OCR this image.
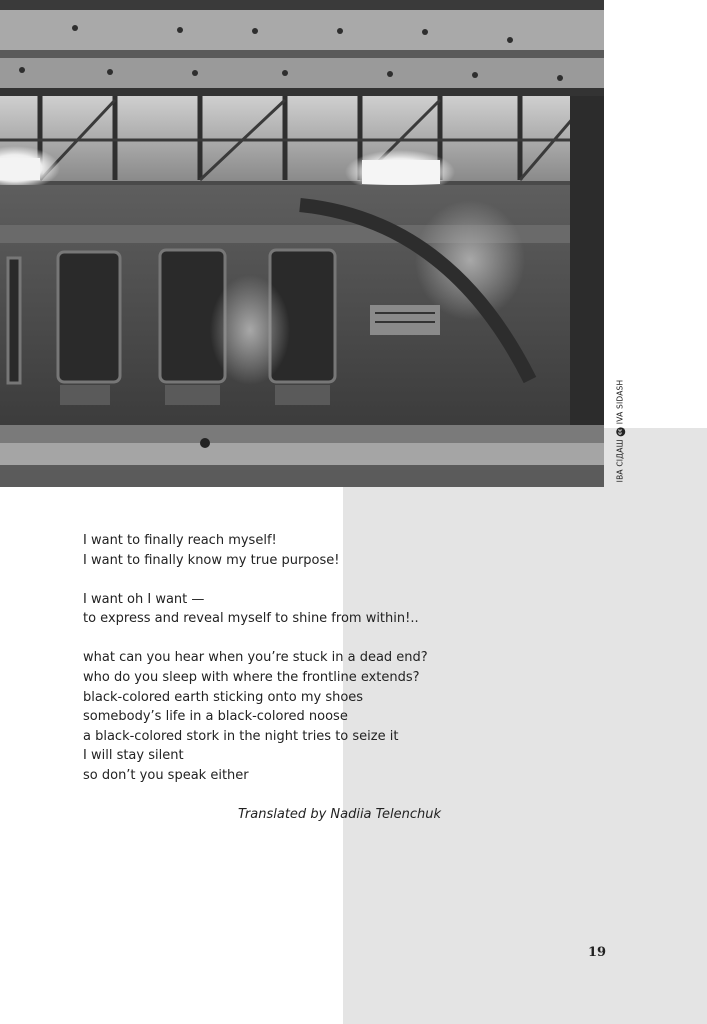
ІВА СІДАШccIVA SIDASH
I want to finally reach myself!
I want to finally know my true purpose!
I want oh I want —
to express and reveal myself to shine from within!..
what can you hear when you’re stuck in a dead end?
who do you sleep with where the frontline extends?
black-colored earth sticking onto my shoes
somebody’s life in a black-colored noose
a black-colored stork in the night tries to seize it
I will stay silent
so don’t you speak either
Translated by Nadiia Telenchuk
19
